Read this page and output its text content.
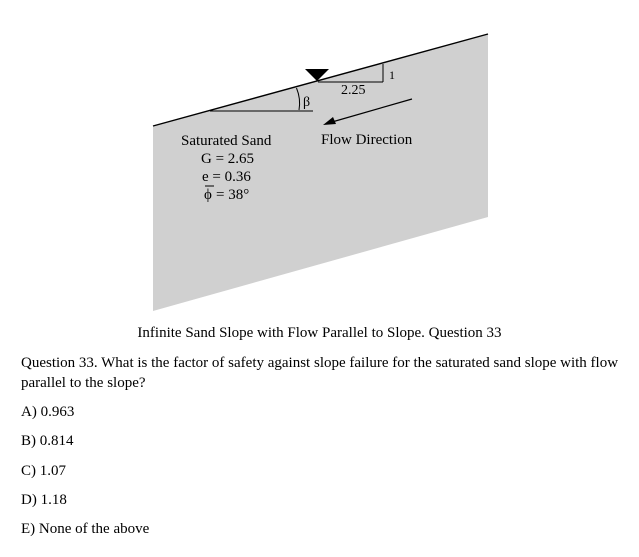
β
2.25
1
Flow Direction
Saturated Sand
G = 2.65
e = 0.36
ϕ = 38°
Infinite Sand Slope with Flow Parallel to Slope. Question 33
Question 33. What is the factor of safety against slope failure for the saturated sand slope with flow parallel to the slope?
A) 0.963
B) 0.814
C) 1.07
D) 1.18
E) None of the above
